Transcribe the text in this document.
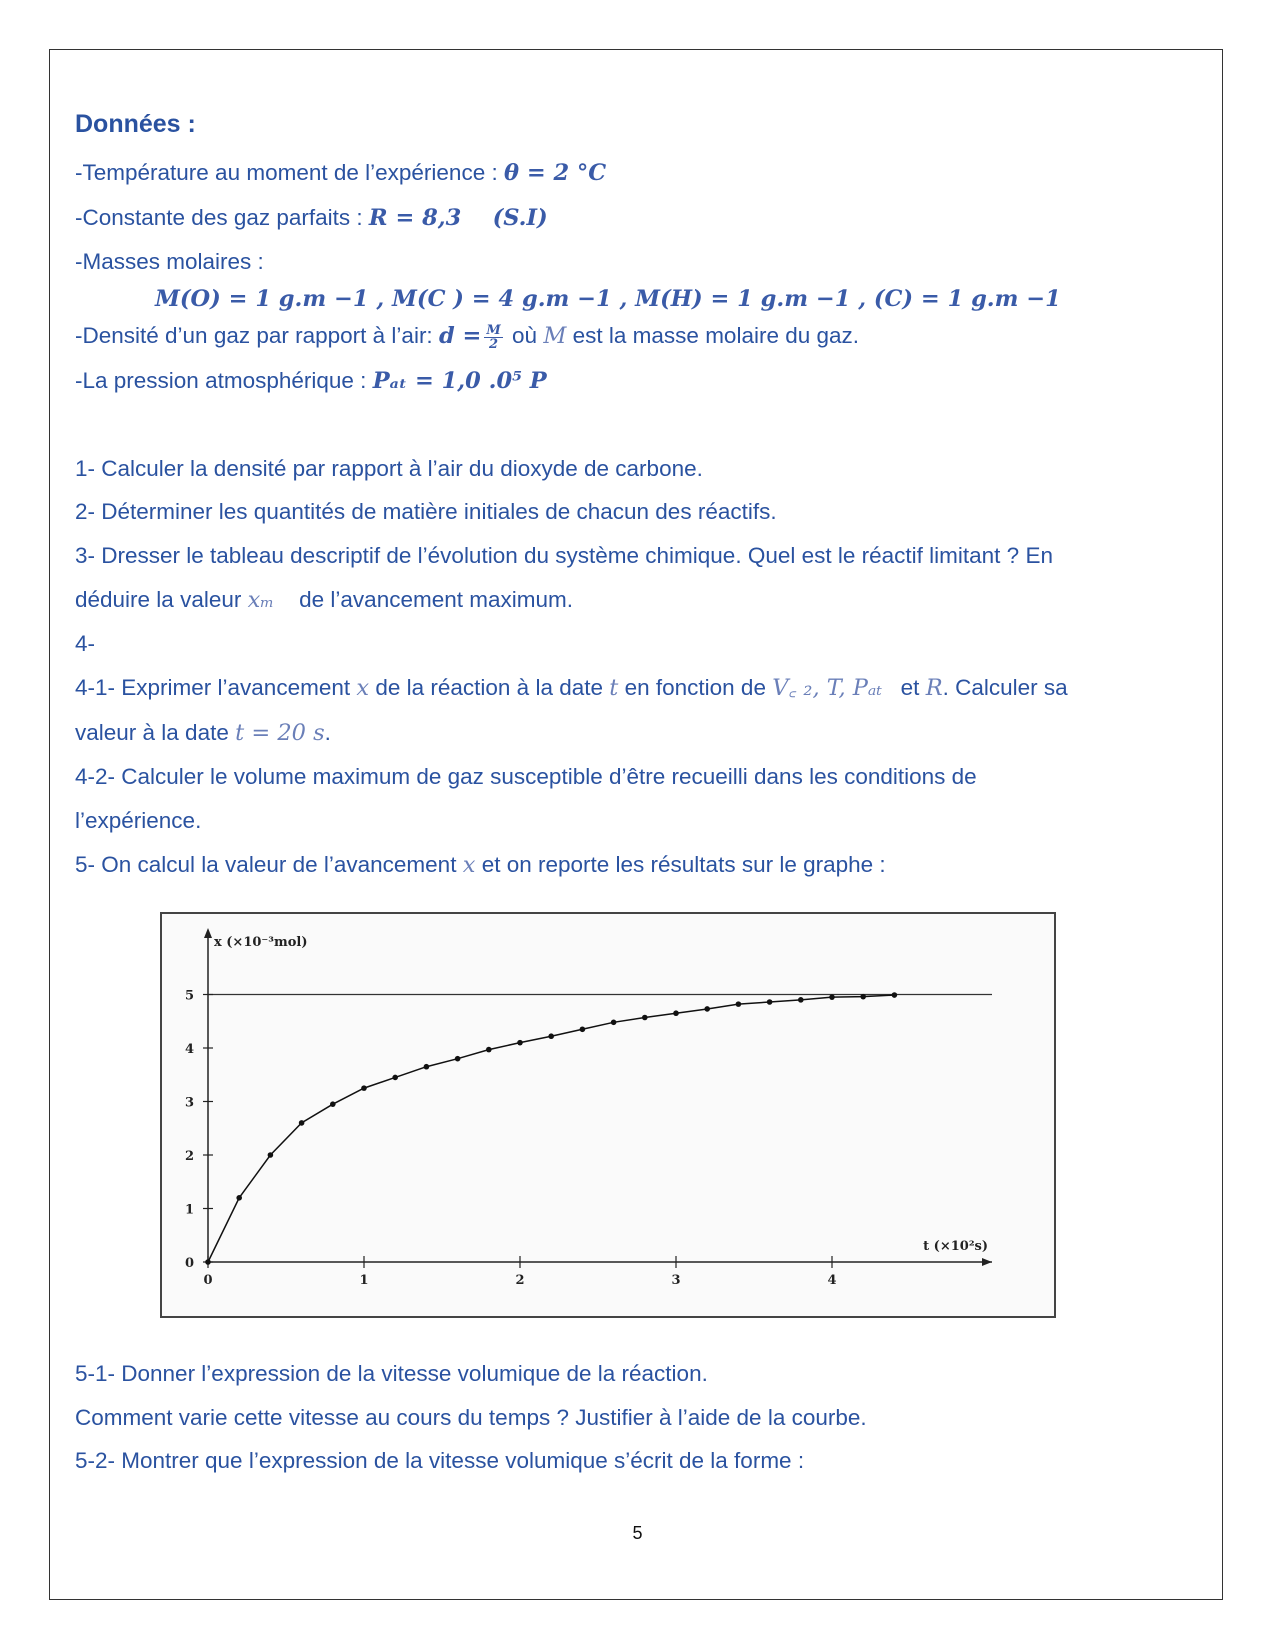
Données :
-Température au moment de l’expérience : θ = 2 °C
-Constante des gaz parfaits : R = 8,3 (S.I)
-Masses molaires :
M(O) = 1 g.m −1 , M(C ) = 4 g.m −1 , M(H) = 1 g.m −1 , (C) = 1 g.m −1
-Densité d’un gaz par rapport à l’air: $d = \frac{M}{2}$ où M est la masse molaire du gaz.
-La pression atmosphérique : Pₐₜ = 1,0 .0⁵ P
1- Calculer la densité par rapport à l’air du dioxyde de carbone.
2- Déterminer les quantités de matière initiales de chacun des réactifs.
3- Dresser le tableau descriptif de l’évolution du système chimique. Quel est le réactif limitant ? En
déduire la valeur xₘ de l’avancement maximum.
4-
4-1- Exprimer l’avancement x de la réaction à la date t en fonction de V꜀ ₂, T, Pₐₜ et R. Calculer sa
valeur à la date t = 20 s.
4-2- Calculer le volume maximum de gaz susceptible d’être recueilli dans les conditions de
l’expérience.
5- On calcul la valeur de l’avancement x et on reporte les résultats sur le graphe :
0	1	2	3	4
0
1
2
3
4
5
x (×10⁻³mol)
t (×10²s)
5-1- Donner l’expression de la vitesse volumique de la réaction.
Comment varie cette vitesse au cours du temps ? Justifier à l’aide de la courbe.
5-2- Montrer que l’expression de la vitesse volumique s’écrit de la forme :
5
